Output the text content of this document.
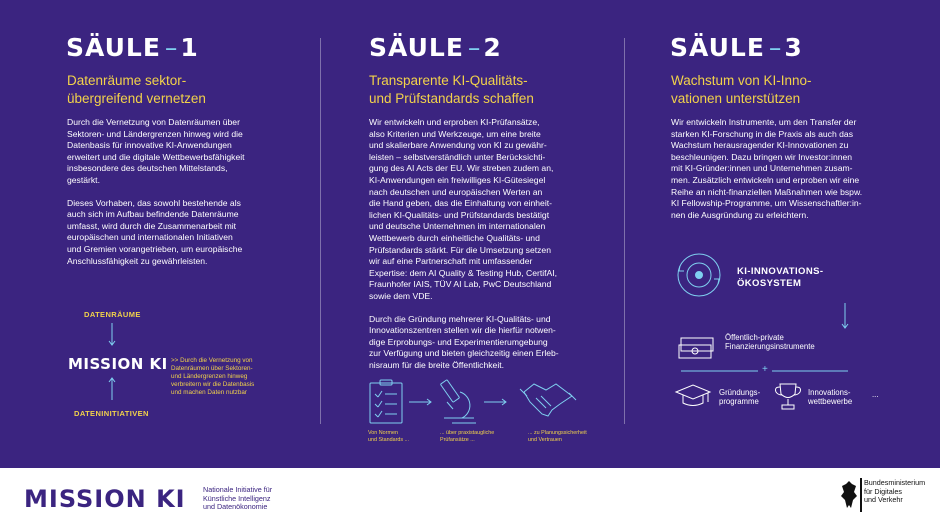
SÄULE –1
Datenräume sektor-
übergreifend vernetzen

Durch die Vernetzung von Datenräumen über
Sektoren- und Ländergrenzen hinweg wird die
Datenbasis für innovative KI-Anwendungen
erweitert und die digitale Wettbewerbsfähigkeit
insbesondere des deutschen Mittelstands,
gestärkt.

Dieses Vorhaben, das sowohl bestehende als
auch sich im Aufbau befindende Datenräume
umfasst, wird durch die Zusammenarbeit mit
europäischen und internationalen Initiativen
und Gremien vorangetrieben, um europäische
Anschlussfähigkeit zu gewährleisten.

DATENRÄUME
MISSION KI
DATENINITIATIVEN
>> Durch die Vernetzung von
Datenräumen über Sektoren-
und Ländergrenzen hinweg
verbreitern wir die Datenbasis
und machen Daten nutzbar
SÄULE –2
Transparente KI-Qualitäts-
und Prüfstandards schaffen

Wir entwickeln und erproben KI-Prüfansätze,
also Kriterien und Werkzeuge, um eine breite
und skalierbare Anwendung von KI zu gewähr-
leisten – selbstverständlich unter Berücksichti-
gung des AI Acts der EU. Wir streben zudem an,
KI-Anwendungen ein freiwilliges KI-Gütesiegel
nach deutschen und europäischen Werten an
die Hand geben, das die Einhaltung von einheit-
lichen KI-Qualitäts- und Prüfstandards bestätigt
und deutsche Unternehmen im internationalen
Wettbewerb durch einheitliche Qualitäts- und
Prüfstandards stärkt. Für die Umsetzung setzen
wir auf eine Partnerschaft mit umfassender
Expertise: dem AI Quality & Testing Hub, CertifAI,
Fraunhofer IAIS, TÜV AI Lab, PwC Deutschland
sowie dem VDE.

Durch die Gründung mehrerer KI-Qualitäts- und
Innovationszentren stellen wir die hierfür notwen-
dige Erprobungs- und Experimentierumgebung
zur Verfügung und bieten gleichzeitig einen Erleb-
nisraum für die breite Öffentlichkeit.

Von Normen
und Standards ...
... über praxistaugliche
Prüfansätze ...
... zu Planungssicherheit
und Vertrauen
SÄULE –3
Wachstum von KI-Inno-
vationen unterstützen

Wir entwickeln Instrumente, um den Transfer der
starken KI-Forschung in die Praxis als auch das
Wachstum herausragender KI-Innovationen zu
beschleunigen. Dazu bringen wir Investor:innen
mit KI-Gründer:innen und Unternehmen zusam-
men. Zusätzlich entwickeln und erproben wir eine
Reihe an nicht-finanziellen Maßnahmen wie bspw.
KI Fellowship-Programme, um Wissenschaftler:in-
nen die Ausgründung zu erleichtern.

KI-INNOVATIONS-
ÖKOSYSTEM
Öffentlich-private
Finanzierungsinstrumente
+
Gründungs-
programme
Innovations-
wettbewerbe
...
MISSION KI Nationale Initiative für
Künstliche Intelligenz
und Datenökonomie
Bundesministerium
für Digitales
und Verkehr
